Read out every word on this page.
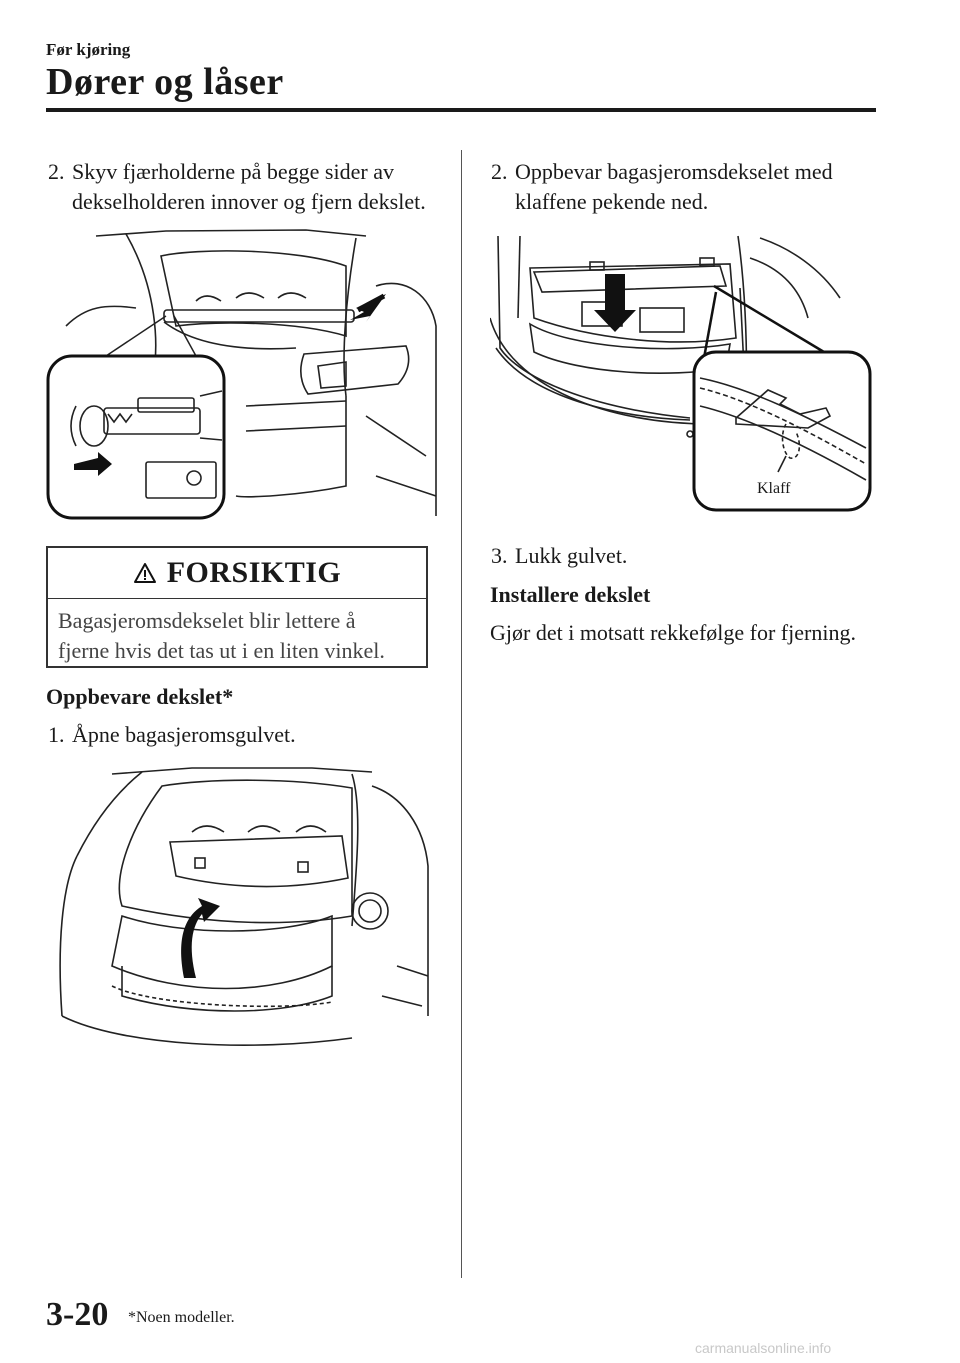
Før kjøring
Dører og låser
2. Skyv fjærholderne på begge sider av
dekselholderen innover og fjern dekslet.
FORSIKTIG
Bagasjeromsdekselet blir lettere å
fjerne hvis det tas ut i en liten vinkel.
Oppbevare dekslet*
1. Åpne bagasjeromsgulvet.
2. Oppbevar bagasjeromsdekselet med
klaffene pekende ned.
Klaff
3. Lukk gulvet.
Installere dekslet
Gjør det i motsatt rekkefølge for fjerning.
3-20 *Noen modeller.
carmanualsonline.info
